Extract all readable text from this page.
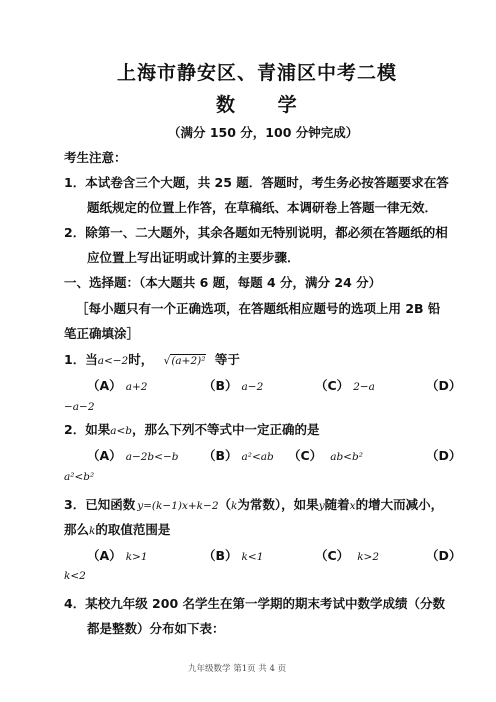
上海市静安区、青浦区中考二模
数 学
（满分 150 分，100 分钟完成）
考生注意：
1．本试卷含三个大题，共 25 题．答题时，考生务必按答题要求在答
题纸规定的位置上作答，在草稿纸、本调研卷上答题一律无效．
2．除第一、二大题外，其余各题如无特别说明，都必须在答题纸的相
应位置上写出证明或计算的主要步骤．
一、选择题：（本大题共 6 题，每题 4 分，满分 24 分）
［每小题只有一个正确选项，在答题纸相应题号的选项上用 2B 铅
笔正确填涂］
1．当a<−2时， √(a+2)² 等于
（A） a+2	（B） a−2	（C） 2−a	（D）
−a−2
2．如果a<b，那么下列不等式中一定正确的是
（A） a−2b<−b （B） a²<ab （C） ab<b²	（D）
a²<b²
3．已知函数 y=(k−1)x+k−2（k为常数），如果y随着x的增大而减小，
那么k的取值范围是
（A） k>1	（B） k<1	（C） k>2	（D）
k<2
4．某校九年级 200 名学生在第一学期的期末考试中数学成绩（分数
都是整数）分布如下表：
九年级数学 第1页 共 4 页
